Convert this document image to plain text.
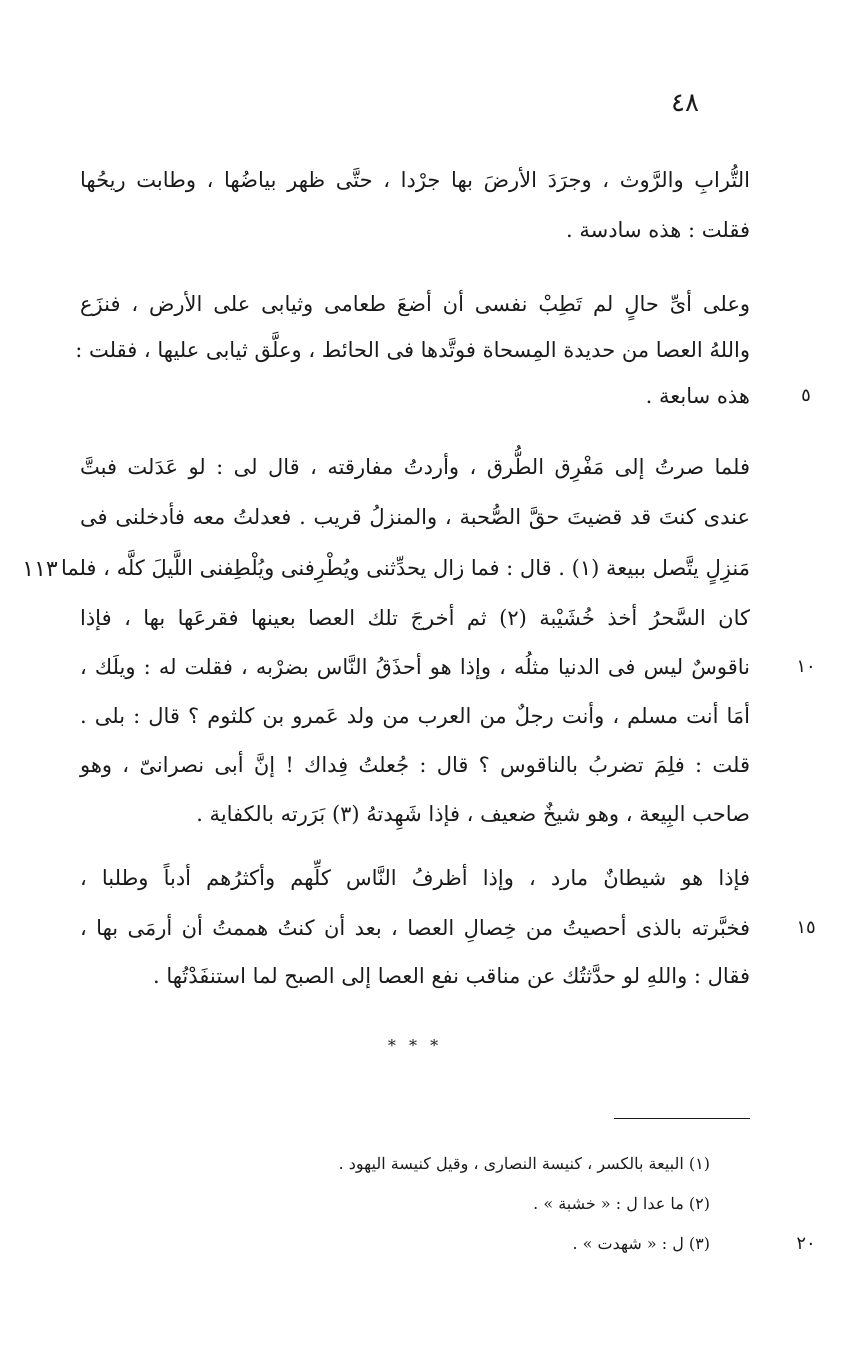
٤٨
التُّرابِ والرَّوث ، وجرَدَ الأرضَ بها جرْدا ، حتَّى ظهر بياضُها ، وطابت ريحُها
فقلت : هذه سادسة .
وعلى أىِّ حالٍ لم تَطِبْ نفسى أن أضعَ طعامى وثيابى على الأرض ، فنزَع
واللهُ العصا من حديدة المِسحاة فوتَّدها فى الحائط ، وعلَّق ثيابى عليها ، فقلت :
هذه سابعة .	٥
فلما صرتُ إلى مَفْرِق الطُّرق ، وأردتُ مفارقته ، قال لى : لو عَدَلت فبتَّ
عندى كنتَ قد قضيتَ حقَّ الصُّحبة ، والمنزلُ قريب . فعدلتُ معه فأدخلنى فى
مَنزِلٍ يتَّصل ببيعة (١) . قال : فما زال يحدِّثنى ويُطْرِفنى ويُلْطِفنى اللَّيلَ كلَّه ، فلما
١١٣
كان السَّحرُ أخذ خُشَيْبة (٢) ثم أخرجَ تلك العصا بعينها فقرعَها بها ، فإذا
ناقوسٌ ليس فى الدنيا مثلُه ، وإذا هو أحذَقُ النَّاس بضرْبه ، فقلت له : ويلَك ،	١٠
أمَا أنت مسلم ، وأنت رجلٌ من العرب من ولد عَمرو بن كلثوم ؟ قال : بلى .
قلت : فلِمَ تضربُ بالناقوس ؟ قال : جُعلتُ فِداك ! إنَّ أبى نصرانىّ ، وهو
صاحب البِيعة ، وهو شيخٌ ضعيف ، فإذا شَهِدتهُ (٣) بَرَرته بالكفاية .
فإذا هو شيطانٌ مارد ، وإذا أظرفُ النَّاس كلِّهم وأكثرُهم أدباً وطلبا ،
فخبَّرته بالذى أحصيتُ من خِصالِ العصا ، بعد أن كنتُ هممتُ أن أرمَى بها ،	١٥
فقال : واللهِ لو حدَّثتُك عن مناقب نفع العصا إلى الصبح لما استنفَدْتُها .
* * *
(١) البيعة بالكسر ، كنيسة النصارى ، وقيل كنيسة اليهود .
(٢) ما عدا ل : « خشبة » .
(٣) ل : « شهدت » .	٢٠
